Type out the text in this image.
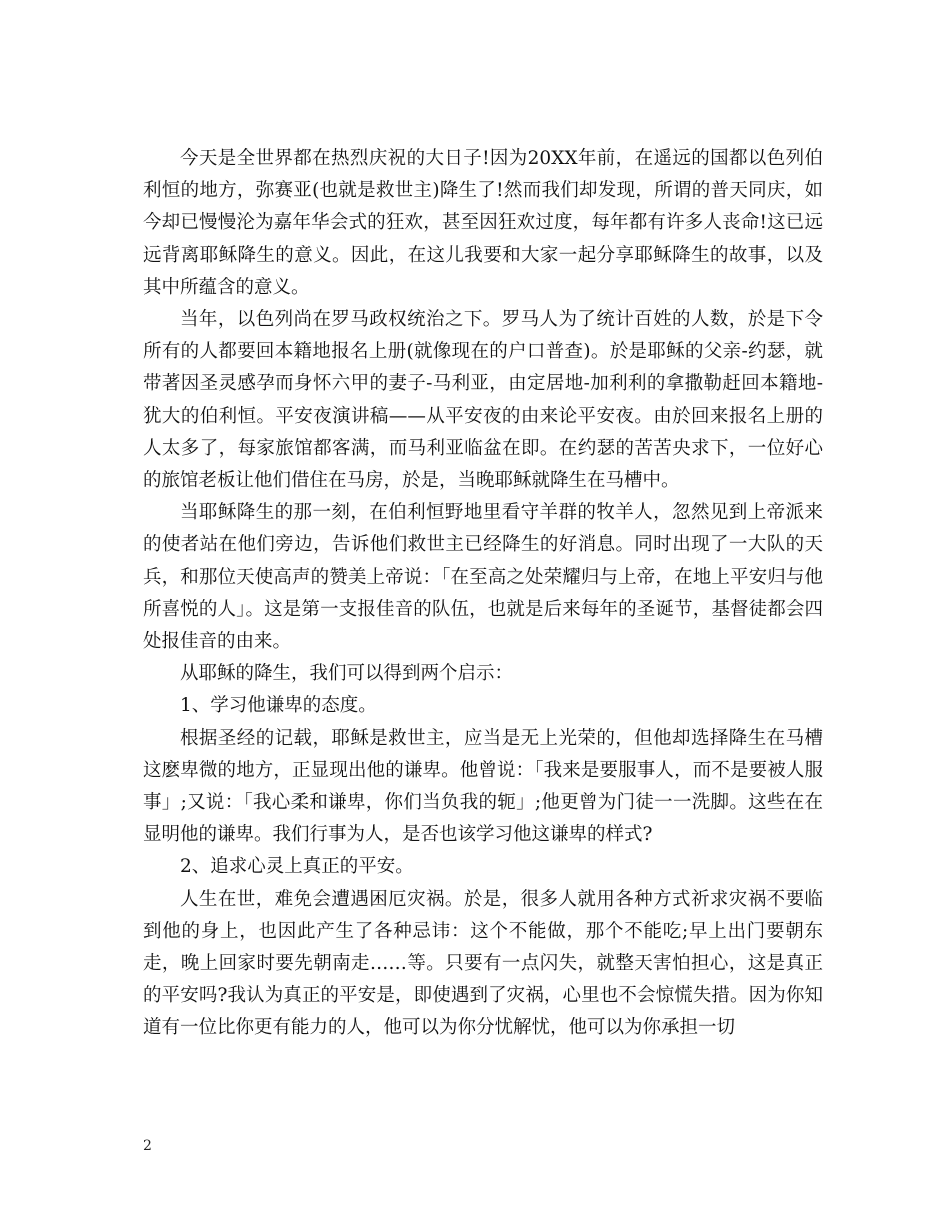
今天是全世界都在热烈庆祝的大日子!因为20XX年前，在遥远的国都以色列伯利恒的地方，弥赛亚(也就是救世主)降生了!然而我们却发现，所谓的普天同庆，如今却已慢慢沦为嘉年华会式的狂欢，甚至因狂欢过度，每年都有许多人丧命!这已远远背离耶稣降生的意义。因此，在这儿我要和大家一起分享耶稣降生的故事，以及其中所蕴含的意义。

当年，以色列尚在罗马政权统治之下。罗马人为了统计百姓的人数，於是下令所有的人都要回本籍地报名上册(就像现在的户口普查)。於是耶稣的父亲-约瑟，就带著因圣灵感孕而身怀六甲的妻子-马利亚，由定居地-加利利的拿撒勒赶回本籍地-犹大的伯利恒。平安夜演讲稿——从平安夜的由来论平安夜。由於回来报名上册的人太多了，每家旅馆都客满，而马利亚临盆在即。在约瑟的苦苦央求下，一位好心的旅馆老板让他们借住在马房，於是，当晚耶稣就降生在马槽中。

当耶稣降生的那一刻，在伯利恒野地里看守羊群的牧羊人，忽然见到上帝派来的使者站在他们旁边，告诉他们救世主已经降生的好消息。同时出现了一大队的天兵，和那位天使高声的赞美上帝说：「在至高之处荣耀归与上帝，在地上平安归与他所喜悦的人」。这是第一支报佳音的队伍，也就是后来每年的圣诞节，基督徒都会四处报佳音的由来。

从耶稣的降生，我们可以得到两个启示：

1、学习他谦卑的态度。

根据圣经的记载，耶稣是救世主，应当是无上光荣的，但他却选择降生在马槽这麽卑微的地方，正显现出他的谦卑。他曾说：「我来是要服事人，而不是要被人服事」;又说：「我心柔和谦卑，你们当负我的轭」;他更曾为门徒一一洗脚。这些在在显明他的谦卑。我们行事为人，是否也该学习他这谦卑的样式?

2、追求心灵上真正的平安。

人生在世，难免会遭遇困厄灾祸。於是，很多人就用各种方式祈求灾祸不要临到他的身上，也因此产生了各种忌讳：这个不能做，那个不能吃;早上出门要朝东走，晚上回家时要先朝南走……等。只要有一点闪失，就整天害怕担心，这是真正的平安吗?我认为真正的平安是，即使遇到了灾祸，心里也不会惊慌失措。因为你知道有一位比你更有能力的人，他可以为你分忧解忧，他可以为你承担一切

2
